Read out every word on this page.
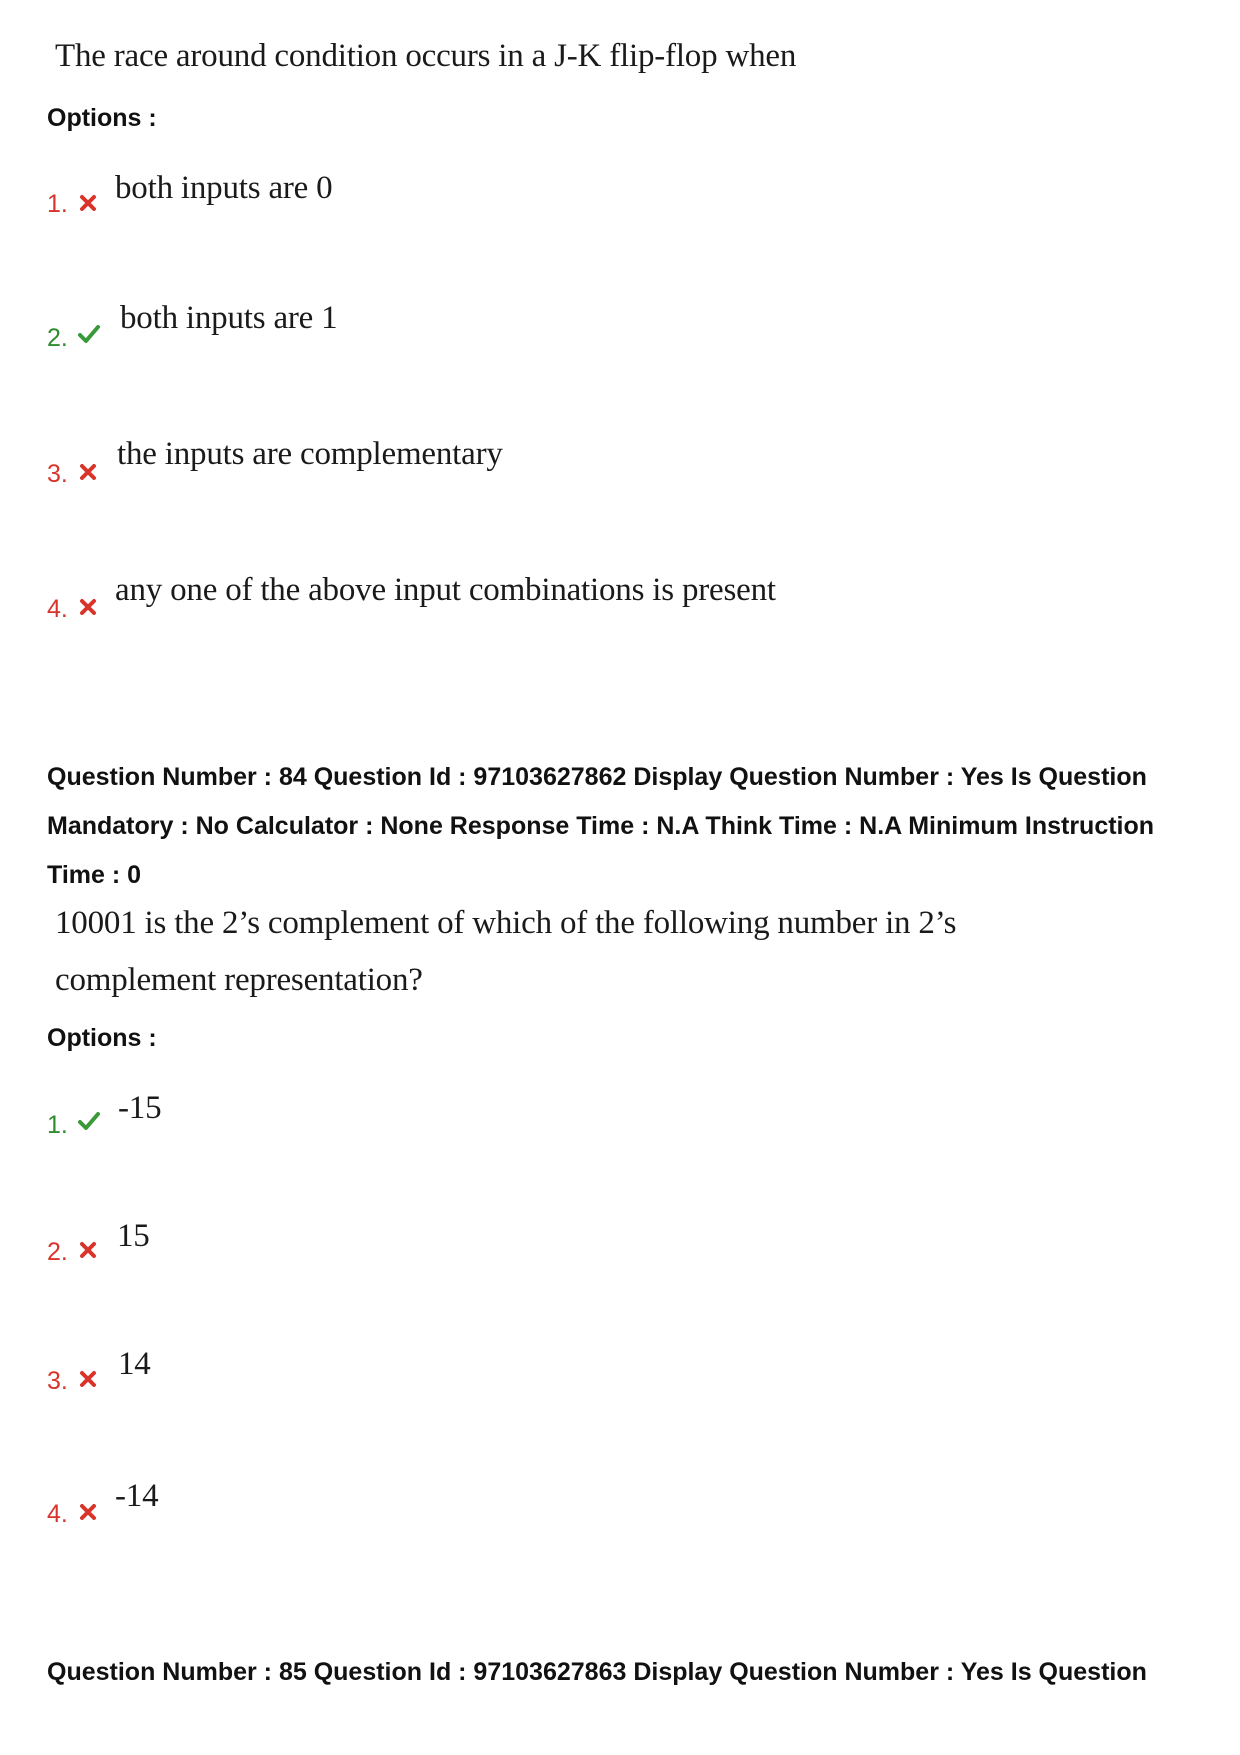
The race around condition occurs in a J-K flip-flop when
Options :
1. both inputs are 0
2.
both inputs are 1
3.
the inputs are complementary
4.
any one of the above input combinations is present
Question Number : 84 Question Id : 97103627862 Display Question Number : Yes Is Question
Mandatory : No Calculator : None Response Time : N.A Think Time : N.A Minimum Instruction
Time : 0
10001 is the 2’s complement of which of the following number in 2’s
complement representation?
Options :
1. -15
2. 15
3. 14
4. -14
Question Number : 85 Question Id : 97103627863 Display Question Number : Yes Is Question
